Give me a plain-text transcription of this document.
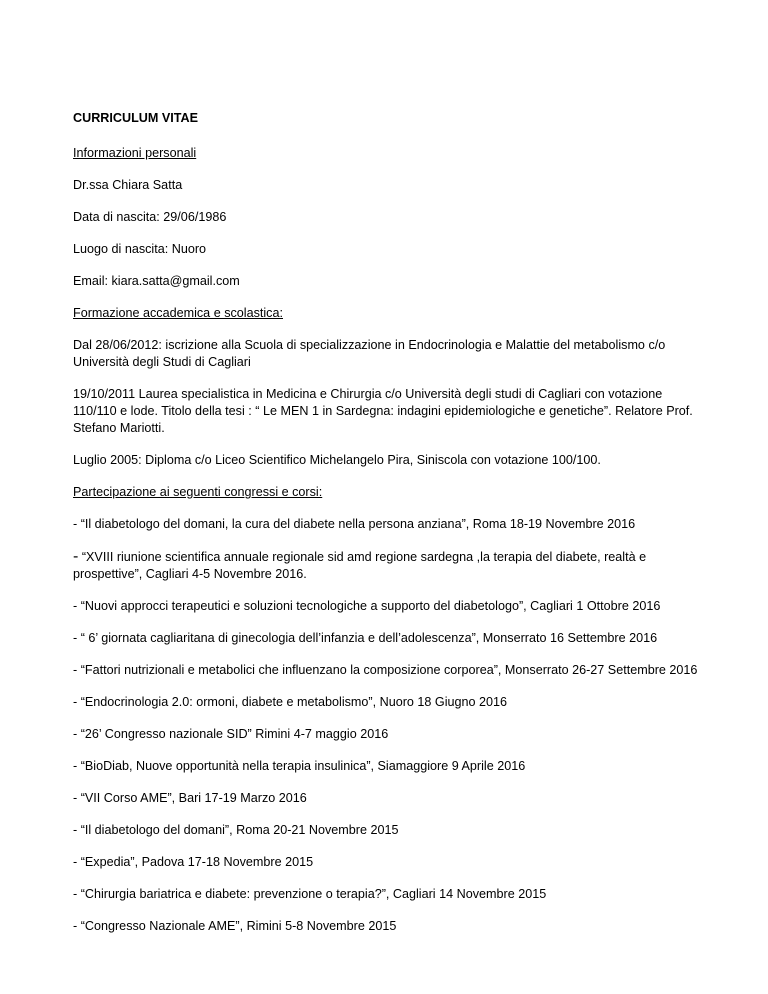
CURRICULUM VITAE

Informazioni personali

Dr.ssa Chiara Satta

Data di nascita: 29/06/1986

Luogo di nascita: Nuoro

Email: kiara.satta@gmail.com

Formazione accademica e scolastica:

Dal 28/06/2012: iscrizione alla Scuola di specializzazione in Endocrinologia e Malattie del metabolismo c/o Università degli Studi di Cagliari

19/10/2011 Laurea specialistica in Medicina e Chirurgia c/o Università degli studi di Cagliari con votazione 110/110 e lode. Titolo della tesi : “ Le MEN 1 in Sardegna: indagini epidemiologiche e genetiche”. Relatore Prof. Stefano Mariotti.

Luglio 2005: Diploma c/o Liceo Scientifico Michelangelo Pira, Siniscola con votazione 100/100.

Partecipazione ai seguenti congressi e corsi:

- “Il diabetologo del domani, la cura del diabete nella persona anziana”, Roma 18-19 Novembre 2016

- “XVIII riunione scientifica annuale regionale sid amd regione sardegna ,la terapia del diabete, realtà e prospettive”, Cagliari 4-5 Novembre 2016.

- “Nuovi approcci terapeutici e soluzioni tecnologiche a supporto del diabetologo”, Cagliari 1 Ottobre 2016

- “ 6’ giornata cagliaritana di ginecologia dell’infanzia e dell’adolescenza”, Monserrato 16 Settembre 2016

- “Fattori nutrizionali e metabolici che influenzano la composizione corporea”, Monserrato 26-27 Settembre 2016

- “Endocrinologia 2.0: ormoni, diabete e metabolismo”, Nuoro 18 Giugno 2016

- “26’ Congresso nazionale SID” Rimini 4-7 maggio 2016

- “BioDiab, Nuove opportunità nella terapia insulinica”, Siamaggiore 9 Aprile 2016

- “VII Corso AME”, Bari 17-19 Marzo 2016

- “Il diabetologo del domani”, Roma 20-21 Novembre 2015

- “Expedia”, Padova 17-18 Novembre 2015

- “Chirurgia bariatrica e diabete: prevenzione o terapia?”, Cagliari 14 Novembre 2015

- “Congresso Nazionale AME”, Rimini 5-8 Novembre 2015
